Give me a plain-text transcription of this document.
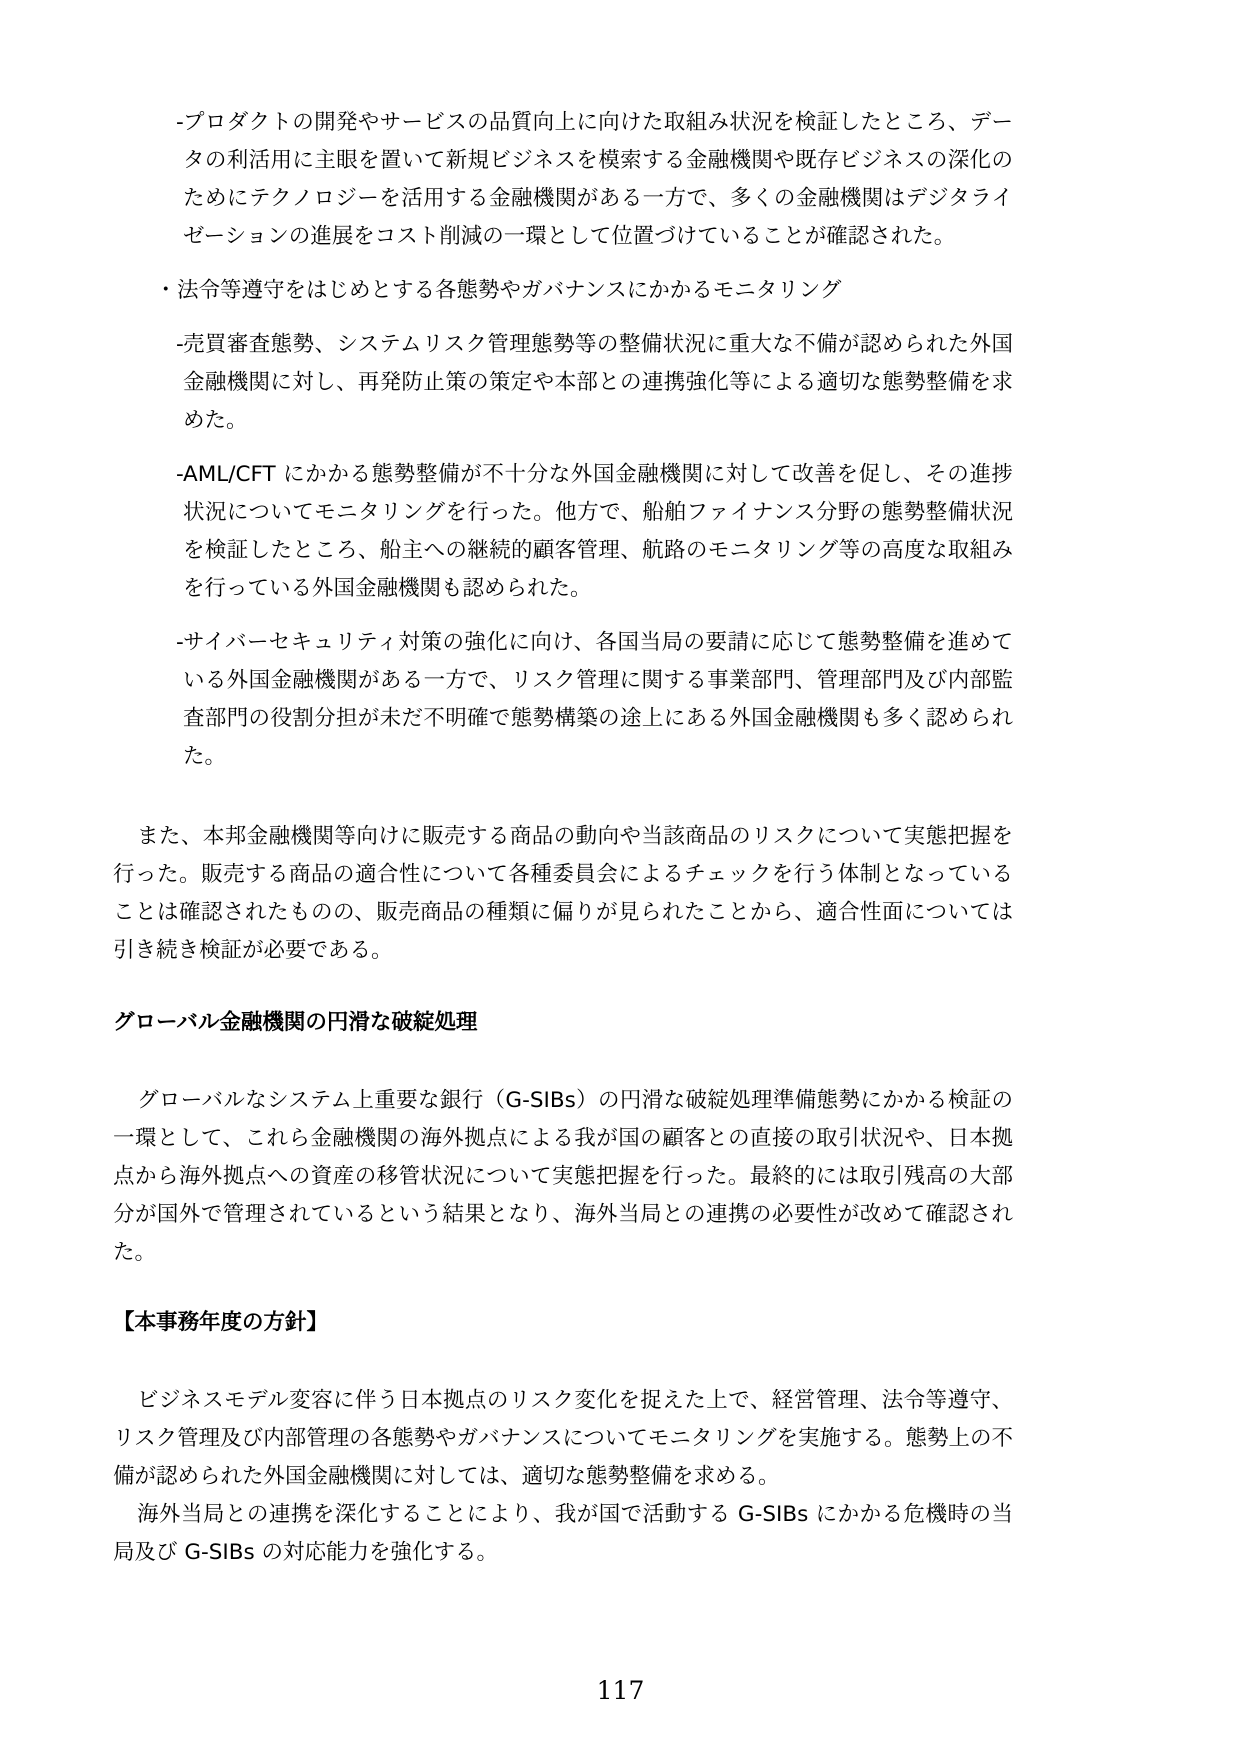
- プロダクトの開発やサービスの品質向上に向けた取組み状況を検証したところ、データの利活用に主眼を置いて新規ビジネスを模索する金融機関や既存ビジネスの深化のためにテクノロジーを活用する金融機関がある一方で、多くの金融機関はデジタライゼーションの進展をコスト削減の一環として位置づけていることが確認された。
・ 法令等遵守をはじめとする各態勢やガバナンスにかかるモニタリング
- 売買審査態勢、システムリスク管理態勢等の整備状況に重大な不備が認められた外国金融機関に対し、再発防止策の策定や本部との連携強化等による適切な態勢整備を求めた。
- AML/CFT にかかる態勢整備が不十分な外国金融機関に対して改善を促し、その進捗状況についてモニタリングを行った。他方で、船舶ファイナンス分野の態勢整備状況を検証したところ、船主への継続的顧客管理、航路のモニタリング等の高度な取組みを行っている外国金融機関も認められた。
- サイバーセキュリティ対策の強化に向け、各国当局の要請に応じて態勢整備を進めている外国金融機関がある一方で、リスク管理に関する事業部門、管理部門及び内部監査部門の役割分担が未だ不明確で態勢構築の途上にある外国金融機関も多く認められた。

また、本邦金融機関等向けに販売する商品の動向や当該商品のリスクについて実態把握を行った。販売する商品の適合性について各種委員会によるチェックを行う体制となっていることは確認されたものの、販売商品の種類に偏りが見られたことから、適合性面については引き続き検証が必要である。

グローバル金融機関の円滑な破綻処理

グローバルなシステム上重要な銀行（G-SIBs）の円滑な破綻処理準備態勢にかかる検証の一環として、これら金融機関の海外拠点による我が国の顧客との直接の取引状況や、日本拠点から海外拠点への資産の移管状況について実態把握を行った。最終的には取引残高の大部分が国外で管理されているという結果となり、海外当局との連携の必要性が改めて確認された。

【本事務年度の方針】

ビジネスモデル変容に伴う日本拠点のリスク変化を捉えた上で、経営管理、法令等遵守、リスク管理及び内部管理の各態勢やガバナンスについてモニタリングを実施する。態勢上の不備が認められた外国金融機関に対しては、適切な態勢整備を求める。

海外当局との連携を深化することにより、我が国で活動する G-SIBs にかかる危機時の当局及び G-SIBs の対応能力を強化する。

117
